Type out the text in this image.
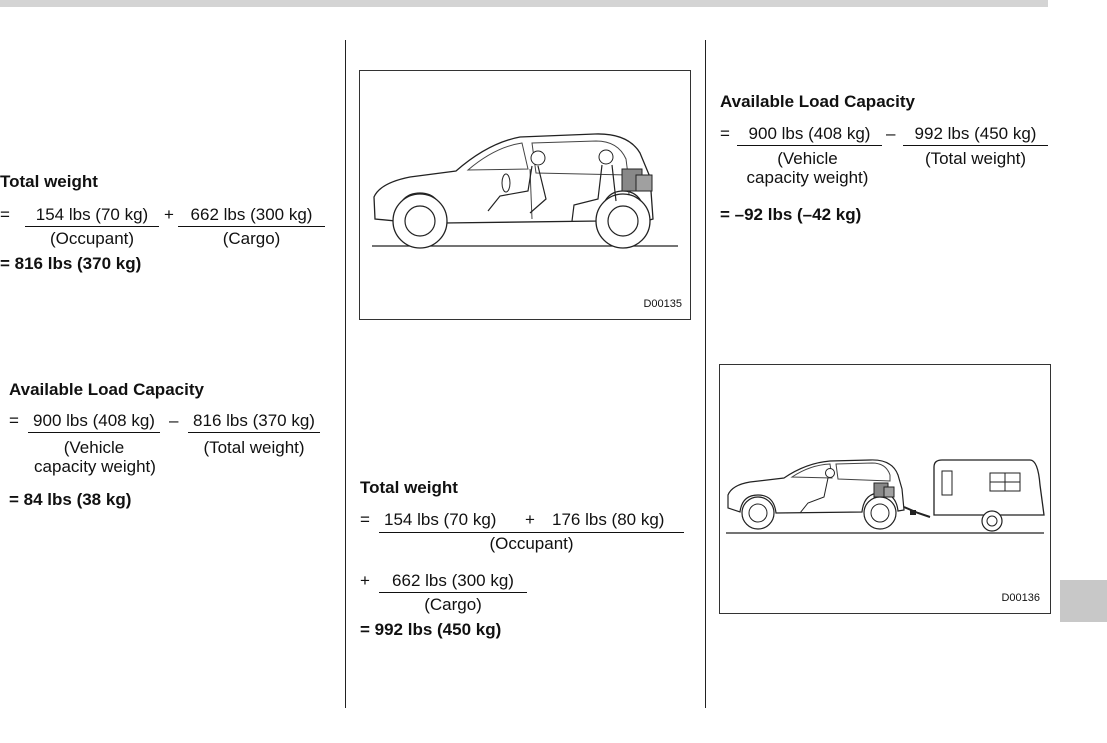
Total weight
=	154 lbs (70 kg) + 662 lbs (300 kg)
(Occupant)	(Cargo)
= 816 lbs (370 kg)
Available Load Capacity
= 900 lbs (408 kg) – 816 lbs (370 kg)
(Vehicle
capacity weight)
(Total weight)
= 84 lbs (38 kg)
D00135
Total weight
= 154 lbs (70 kg) + 176 lbs (80 kg)
(Occupant)
+	662 lbs (300 kg)
(Cargo)
= 992 lbs (450 kg)
Available Load Capacity
=	900 lbs (408 kg) –	992 lbs (450 kg)
(Vehicle
capacity weight)
(Total weight)
= –92 lbs (–42 kg)
D00136
